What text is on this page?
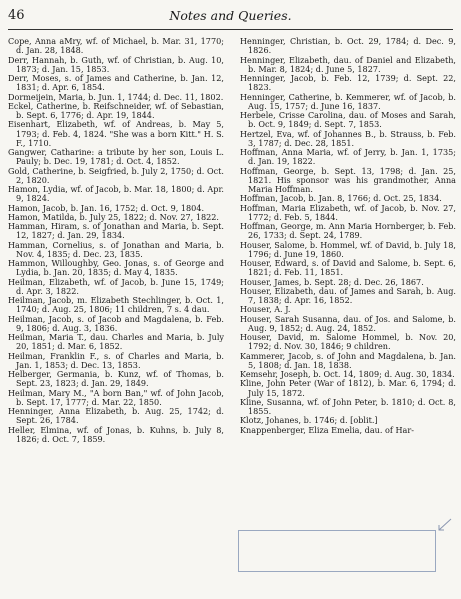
46	Notes and Queries.

Cope, Anna aMry, wf. of Michael, b. Mar. 31, 1770; d. Jan. 28, 1848.

Derr, Hannah, b. Guth, wf. of Christian, b. Aug. 10, 1873; d. Jan. 15, 1853.

Derr, Moses, s. of James and Catherine, b. Jan. 12, 1831; d. Apr. 6, 1854.

Dormeijein, Maria, b. Jun. 1, 1744; d. Dec. 11, 1802.

Eckel, Catherine, b. Reifschneider, wf. of Sebastian, b. Sept. 6, 1776; d. Apr. 19, 1844.

Eisenhart, Elizabeth, wf. of Andreas, b. May 5, 1793; d. Feb. 4, 1824. "She was a born Kitt." H. S. F., 1710.

Gangwer, Catharine: a tribute by her son, Louis L. Pauly; b. Dec. 19, 1781; d. Oct. 4, 1852.

Gold, Catherine, b. Seigfried, b. July 2, 1750; d. Oct. 2, 1820.

Hamon, Lydia, wf. of Jacob, b. Mar. 18, 1800; d. Apr. 9, 1824.

Hamon, Jacob, b. Jan. 16, 1752; d. Oct. 9, 1804.

Hamon, Matilda, b. July 25, 1822; d. Nov. 27, 1822.

Hamman, Hiram, s. of Jonathan and Maria, b. Sept. 12, 1827; d. Jan. 29, 1834.

Hamman, Cornelius, s. of Jonathan and Maria, b. Nov. 4, 1835; d. Dec. 23, 1835.

Hammon, Willoughby, Geo. Jonas, s. of George and Lydia, b. Jan. 20, 1835; d. May 4, 1835.

Heilman, Elizabeth, wf. of Jacob, b. June 15, 1749; d. Apr. 3, 1822.

Heilman, Jacob, m. Elizabeth Stechlinger, b. Oct. 1, 1740; d. Aug. 25, 1806; 11 children, 7 s. 4 dau.

Heilman, Jacob, s. of Jacob and Magdalena, b. Feb. 9, 1806; d. Aug. 3, 1836.

Heilman, Maria T., dau. Charles and Maria, b. July 20, 1851; d. Mar. 6, 1852.

Heilman, Franklin F., s. of Charles and Maria, b. Jan. 1, 1853; d. Dec. 13, 1853.

Helberger, Germania, b. Kunz, wf. of Thomas, b. Sept. 23, 1823; d. Jan. 29, 1849.

Heilman, Mary M., "A born Ban," wf. of John Jacob, b. Sept. 17, 1777; d. Mar. 22, 1850.

Henninger, Anna Elizabeth, b. Aug. 25, 1742; d. Sept. 26, 1784.

Heller, Elmina, wf. of Jonas, b. Kuhns, b. July 8, 1826; d. Oct. 7, 1859.

Henninger, Christian, b. Oct. 29, 1784; d. Dec. 9, 1826.

Henninger, Elizabeth, dau. of Daniel and Elizabeth, b. Mar. 8, 1824; d. June 5, 1827.

Henninger, Jacob, b. Feb. 12, 1739; d. Sept. 22, 1823.

Henninger, Catherine, b. Kemmerer, wf. of Jacob, b. Aug. 15, 1757; d. June 16, 1837.

Herbele, Crisse Carolina, dau. of Moses and Sarah, b. Oct. 9, 1849; d. Sept. 7, 1853.

Hertzel, Eva, wf. of Johannes B., b. Strauss, b. Feb. 3, 1787; d. Dec. 28, 1851.

Hoffman, Anna Maria, wf. of Jerry, b. Jan. 1, 1735; d. Jan. 19, 1822.

Hoffman, George, b. Sept. 13, 1798; d. Jan. 25, 1821. His sponsor was his grandmother, Anna Maria Hoffman.

Hoffman, Jacob, b. Jan. 8, 1766; d. Oct. 25, 1834.

Hoffman, Maria Elizabeth, wf. of Jacob, b. Nov. 27, 1772; d. Feb. 5, 1844.

Hoffman, George, m. Ann Maria Hornberger, b. Feb. 26, 1733; d. Sept. 24, 1789.

Houser, Salome, b. Hommel, wf. of David, b. July 18, 1796; d. June 19, 1860.

Houser, Edward, s. of David and Salome, b. Sept. 6, 1821; d. Feb. 11, 1851.

Houser, James, b. Sept. 28; d. Dec. 26, 1867.

Houser, Elizabeth, dau. of James and Sarah, b. Aug. 7, 1838; d. Apr. 16, 1852.

Houser, A. J.

Houser, Sarah Susanna, dau. of Jos. and Salome, b. Aug. 9, 1852; d. Aug. 24, 1852.

Houser, David, m. Salome Hommel, b. Nov. 20, 1792; d. Nov. 30, 1846; 9 children.

Kammerer, Jacob, s. of John and Magdalena, b. Jan. 5, 1808; d. Jan. 18, 1838.

Kemsehr, Joseph, b. Oct. 14, 1809; d. Aug. 30, 1834.

Kline, John Peter (War of 1812), b. Mar. 6, 1794; d. July 15, 1872.

Kline, Susanna, wf. of John Peter, b. 1810; d. Oct. 8, 1855.

Klotz, Johanes, b. 1746; d. [oblit.]

Knappenberger, Eliza Emelia, dau. of Har-
